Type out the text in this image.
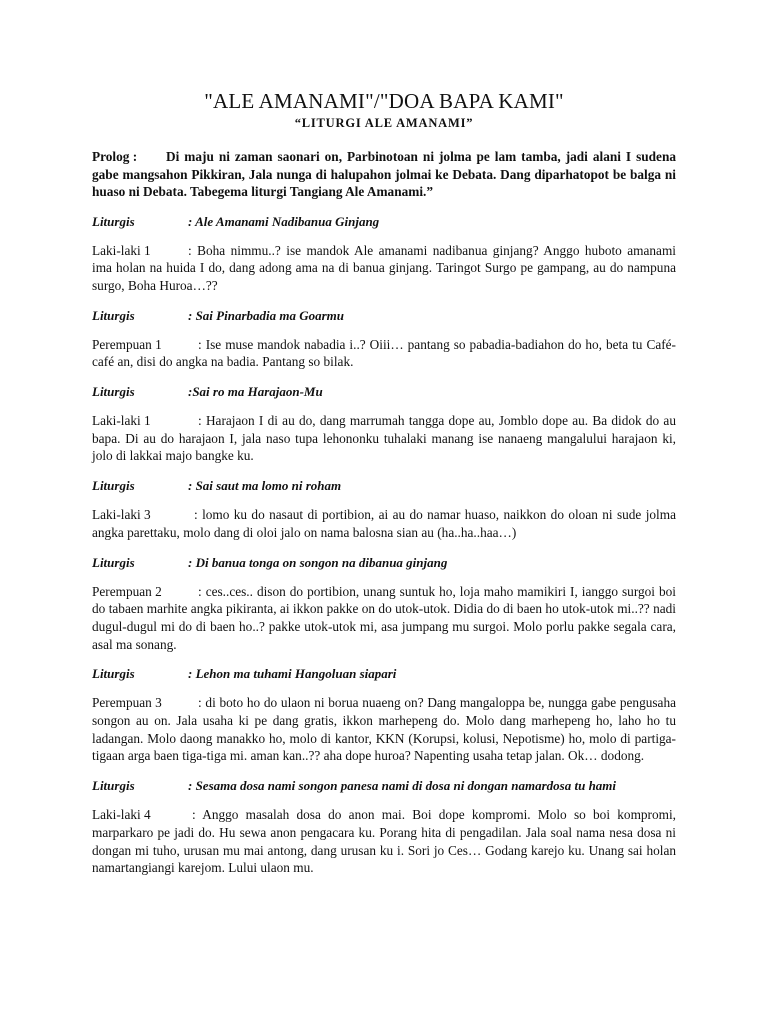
"ALE AMANAMI"/"DOA BAPA KAMI"
“LITURGI ALE AMANAMI”
Prolog : Di maju ni zaman saonari on, Parbinotoan ni jolma pe lam tamba, jadi alani I sudena gabe mangsahon Pikkiran, Jala nunga di halupahon jolmai ke Debata. Dang diparhatopot be balga ni huaso ni Debata. Tabegema liturgi Tangiang Ale Amanami.”
Liturgis	: Ale Amanami Nadibanua Ginjang
Laki-laki 1	: Boha nimmu..? ise mandok Ale amanami nadibanua ginjang? Anggo huboto amanami ima holan na huida I do, dang adong ama na di banua ginjang. Taringot Surgo pe gampang, au do nampuna surgo, Boha Huroa…??
Liturgis	: Sai Pinarbadia ma Goarmu
Perempuan 1	: Ise muse mandok nabadia i..? Oiii… pantang so pabadia-badiahon do ho, beta tu Café-café an, disi do angka na badia. Pantang so bilak.
Liturgis	:Sai ro ma Harajaon-Mu
Laki-laki 1	: Harajaon I di au do, dang marrumah tangga dope au, Jomblo dope au. Ba didok do au bapa. Di au do harajaon I, jala naso tupa lehononku tuhalaki manang ise nanaeng mangalului harajaon ki, jolo di lakkai majo bangke ku.
Liturgis	: Sai saut ma lomo ni roham
Laki-laki 3	: lomo ku do nasaut di portibion, ai au do namar huaso, naikkon do oloan ni sude jolma angka parettaku, molo dang di oloi jalo on nama balosna sian au (ha..ha..haa…)
Liturgis	: Di banua tonga on songon na dibanua ginjang
Perempuan 2	: ces..ces.. dison do portibion, unang suntuk ho, loja maho mamikiri I, ianggo surgoi boi do tabaen marhite angka pikiranta, ai ikkon pakke on do utok-utok. Didia do di baen ho utok-utok mi..?? nadi dugul-dugul mi do di baen ho..? pakke utok-utok mi, asa jumpang mu surgoi. Molo porlu pakke segala cara, asal ma sonang.
Liturgis	: Lehon ma tuhami Hangoluan siapari
Perempuan 3	: di boto ho do ulaon ni borua nuaeng on? Dang mangaloppa be, nungga gabe pengusaha songon au on. Jala usaha ki pe dang gratis, ikkon marhepeng do. Molo dang marhepeng ho, laho ho tu ladangan. Molo daong manakko ho, molo di kantor, KKN (Korupsi, kolusi, Nepotisme) ho, molo di partiga-tigaan arga baen tiga-tiga mi. aman kan..?? aha dope huroa? Napenting usaha tetap jalan. Ok… dodong.
Liturgis	: Sesama dosa nami songon panesa nami di dosa ni dongan namardosa tu hami
Laki-laki 4	: Anggo masalah dosa do anon mai. Boi dope kompromi. Molo so boi kompromi, marparkaro pe jadi do. Hu sewa anon pengacara ku. Porang hita di pengadilan. Jala soal nama nesa dosa ni dongan mi tuho, urusan mu mai antong, dang urusan ku i. Sori jo Ces… Godang karejo ku. Unang sai holan namartangiangi karejom. Lului ulaon mu.
